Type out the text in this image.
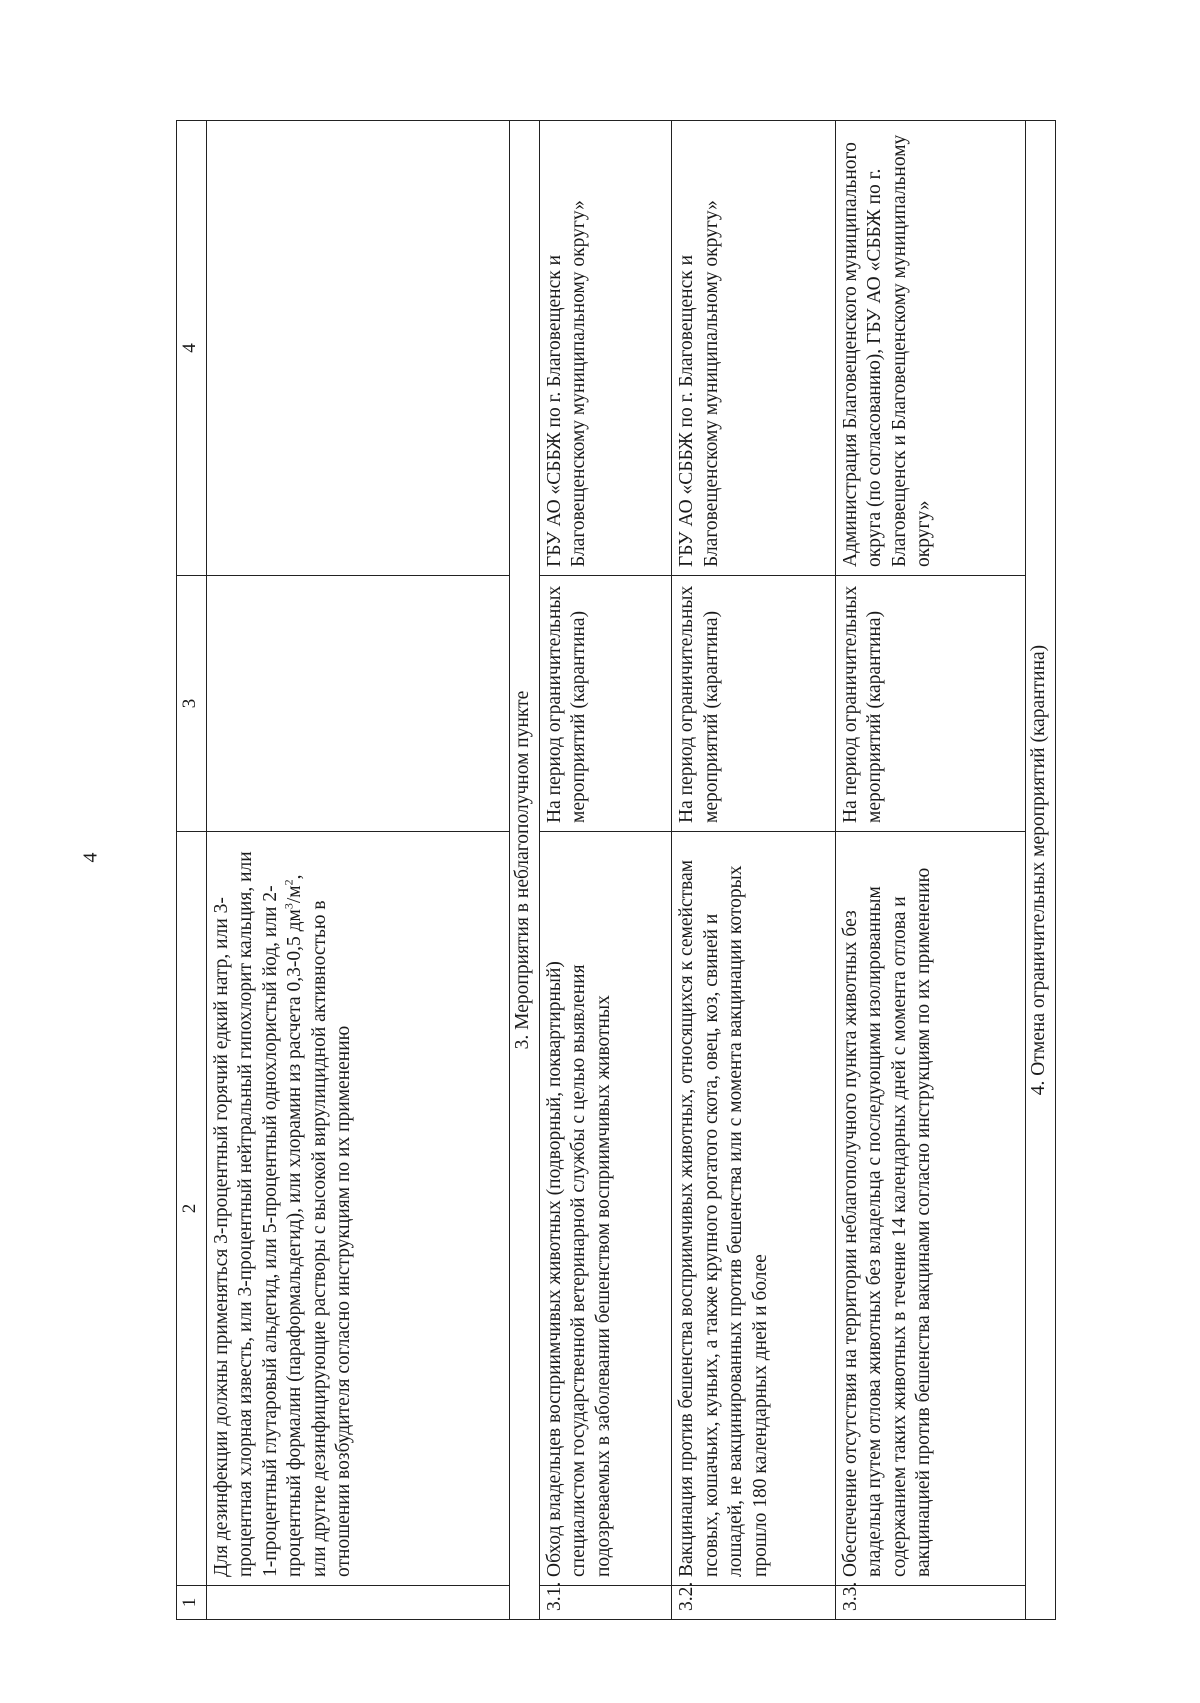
4
1	2	3	4
	Для дезинфекции должны применяться 3-процентный горячий едкий натр, или 3-процентная хлорная известь, или 3-процентный нейтральный гипохлорит кальция, или 1-процентный глутаровый альдегид, или 5-процентный однохлористый йод, или 2-процентный формалин (параформальдегид), или хлорамин из расчета 0,3-0,5 $дм^3/м^2$, или другие дезинфицирующие растворы с высокой вирулицидной активностью в отношении возбудителя согласно инструкциям по их применению		
3. Мероприятия в неблагополучном пункте			
3.1.	Обход владельцев восприимчивых животных (подворный, поквартирный) специалистом государственной ветеринарной службы с целью выявления подозреваемых в заболевании бешенством восприимчивых животных	На период ограничительных мероприятий (карантина)	ГБУ АО «СББЖ по г. Благовещенск и Благовещенскому муниципальному округу»
3.2.	Вакцинация против бешенства восприимчивых животных, относящихся к семействам псовых, кошачьих, куньих, а также крупного рогатого скота, овец, коз, свиней и лошадей, не вакцинированных против бешенства или с момента вакцинации которых прошло 180 календарных дней и более	На период ограничительных мероприятий (карантина)	ГБУ АО «СББЖ по г. Благовещенск и Благовещенскому муниципальному округу»
3.3.	Обеспечение отсутствия на территории неблагополучного пункта животных без владельца путем отлова животных без владельца с последующими изолированным содержанием таких животных в течение 14 календарных дней с момента отлова и вакцинацией против бешенства вакцинами согласно инструкциям по их применению	На период ограничительных мероприятий (карантина)	Администрация Благовещенского муниципального округа (по согласованию), ГБУ АО «СББЖ по г. Благовещенск и Благовещенскому муниципальному округу»
4. Отмена ограничительных мероприятий (карантина)			
